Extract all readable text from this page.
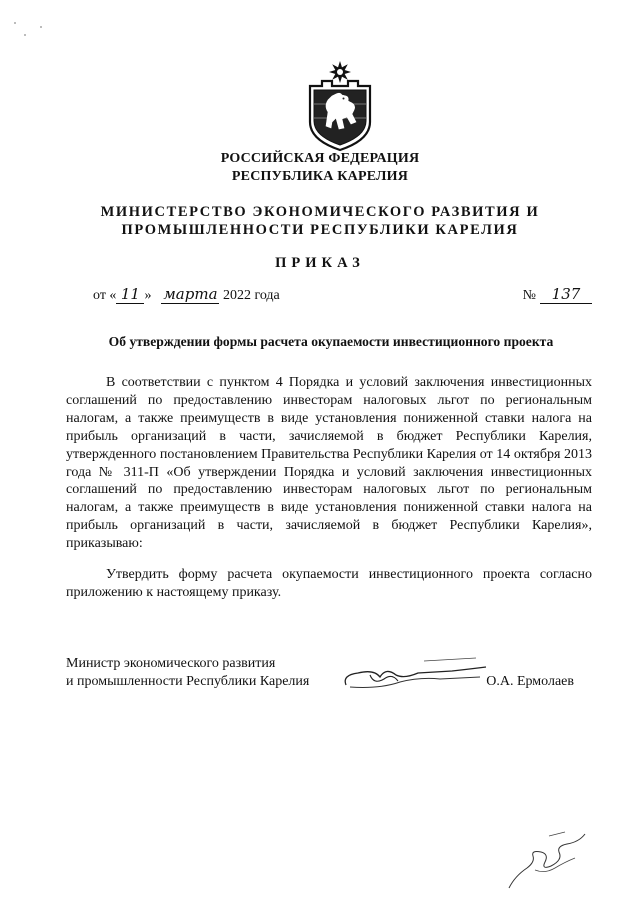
РОССИЙСКАЯ ФЕДЕРАЦИЯ
РЕСПУБЛИКА КАРЕЛИЯ
МИНИСТЕРСТВО ЭКОНОМИЧЕСКОГО РАЗВИТИЯ И
ПРОМЫШЛЕННОСТИ РЕСПУБЛИКИ КАРЕЛИЯ
ПРИКАЗ
от « 11 » марта 2022 года	№ 137
Об утверждении формы расчета окупаемости инвестиционного проекта
В соответствии с пунктом 4 Порядка и условий заключения инвестиционных соглашений по предоставлению инвесторам налоговых льгот по региональным налогам, а также преимуществ в виде установления пониженной ставки налога на прибыль организаций в части, зачисляемой в бюджет Республики Карелия, утвержденного постановлением Правительства Республики Карелия от 14 октября 2013 года № 311-П «Об утверждении Порядка и условий заключения инвестиционных соглашений по предоставлению инвесторам налоговых льгот по региональным налогам, а также преимуществ в виде установления пониженной ставки налога на прибыль организаций в части, зачисляемой в бюджет Республики Карелия», приказываю:
Утвердить форму расчета окупаемости инвестиционного проекта согласно приложению к настоящему приказу.
Министр экономического развития
и промышленности Республики Карелия	О.А. Ермолаев
